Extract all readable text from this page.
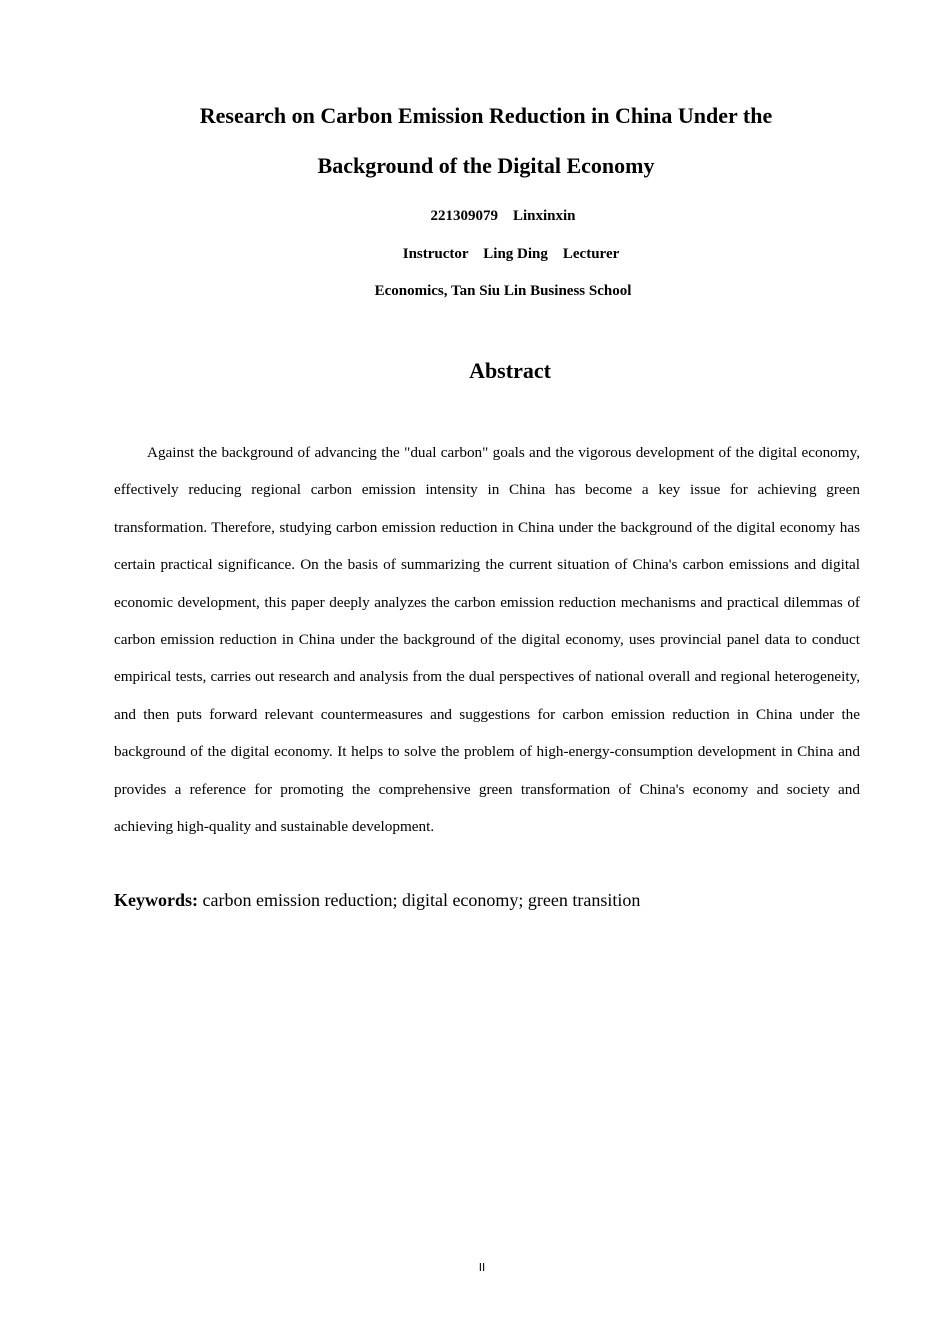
Research on Carbon Emission Reduction in China Under the
Background of the Digital Economy
221309079    Linxinxin
Instructor    Ling Ding    Lecturer
Economics, Tan Siu Lin Business School
Abstract

Against the background of advancing the "dual carbon" goals and the vigorous development of the digital economy, effectively reducing regional carbon emission intensity in China has become a key issue for achieving green transformation. Therefore, studying carbon emission reduction in China under the background of the digital economy has certain practical significance. On the basis of summarizing the current situation of China's carbon emissions and digital economic development, this paper deeply analyzes the carbon emission reduction mechanisms and practical dilemmas of carbon emission reduction in China under the background of the digital economy, uses provincial panel data to conduct empirical tests, carries out research and analysis from the dual perspectives of national overall and regional heterogeneity, and then puts forward relevant countermeasures and suggestions for carbon emission reduction in China under the background of the digital economy. It helps to solve the problem of high-energy-consumption development in China and provides a reference for promoting the comprehensive green transformation of China's economy and society and achieving high-quality and sustainable development.

Keywords: carbon emission reduction; digital economy; green transition
II
